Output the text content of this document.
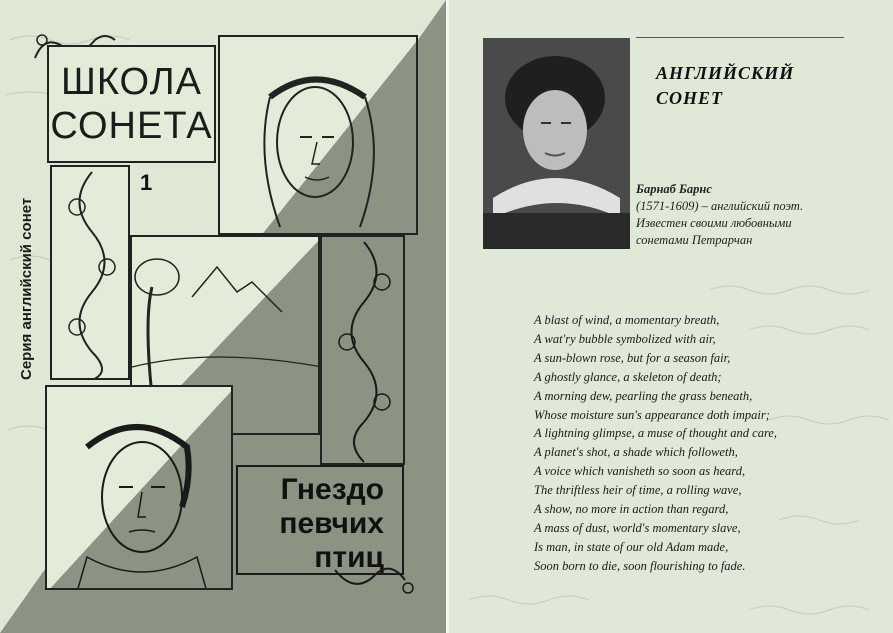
ШКОЛА
СОНЕТА
1
Гнездо
певчих
птиц
Серия английский сонет
АНГЛИЙСКИЙ
СОНЕТ
Барнаб Барнс
(1571-1609) – английский поэт.
Известен своими любовными
сонетами Петрарчан
A blast of wind, a momentary breath,
A wat'ry bubble symbolized with air,
A sun-blown rose, but for a season fair,
A ghostly glance, a skeleton of death;
A morning dew, pearling the grass beneath,
Whose moisture sun's appearance doth impair;
A lightning glimpse, a muse of thought and care,
A planet's shot, a shade which followeth,
A voice which vanisheth so soon as heard,
The thriftless heir of time, a rolling wave,
A show, no more in action than regard,
A mass of dust, world's momentary slave,
Is man, in state of our old Adam made,
Soon born to die, soon flourishing to fade.
